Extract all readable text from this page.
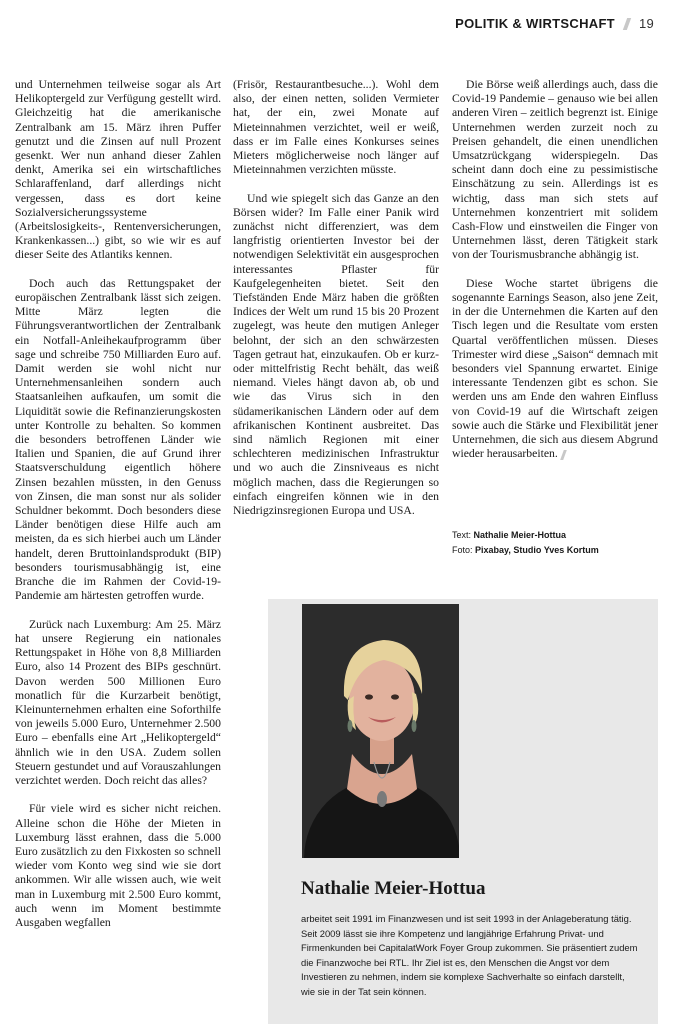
POLITIK & WIRTSCHAFT 19

und Unternehmen teilweise sogar als Art Helikoptergeld zur Verfügung gestellt wird. Gleichzeitig hat die amerikanische Zentralbank am 15. März ihren Puffer genutzt und die Zinsen auf null Prozent gesenkt. Wer nun anhand dieser Zahlen denkt, Amerika sei ein wirtschaftliches Schlaraffenland, darf allerdings nicht vergessen, dass es dort keine Sozialversicherungssysteme (Arbeitslosigkeits-, Rentenversicherungen, Krankenkassen...) gibt, so wie wir es auf dieser Seite des Atlantiks kennen.

Doch auch das Rettungspaket der europäischen Zentralbank lässt sich zeigen. Mitte März legten die Führungsverantwortlichen der Zentralbank ein Notfall-Anleihekaufprogramm über sage und schreibe 750 Milliarden Euro auf. Damit werden sie wohl nicht nur Unternehmensanleihen sondern auch Staatsanleihen aufkaufen, um somit die Liquidität sowie die Refinanzierungskosten unter Kontrolle zu behalten. So kommen die besonders betroffenen Länder wie Italien und Spanien, die auf Grund ihrer Staatsverschuldung eigentlich höhere Zinsen bezahlen müssten, in den Genuss von Zinsen, die man sonst nur als solider Schuldner bekommt. Doch besonders diese Länder benötigen diese Hilfe auch am meisten, da es sich hierbei auch um Länder handelt, deren Bruttoinlandsprodukt (BIP) besonders tourismusabhängig ist, eine Branche die im Rahmen der Covid-19-Pandemie am härtesten getroffen wurde.

Zurück nach Luxemburg: Am 25. März hat unsere Regierung ein nationales Rettungspaket in Höhe von 8,8 Milliarden Euro, also 14 Prozent des BIPs geschnürt. Davon werden 500 Millionen Euro monatlich für die Kurzarbeit benötigt, Kleinunternehmen erhalten eine Soforthilfe von jeweils 5.000 Euro, Unternehmer 2.500 Euro – ebenfalls eine Art „Helikoptergeld“ ähnlich wie in den USA. Zudem sollen Steuern gestundet und auf Vorauszahlungen verzichtet werden. Doch reicht das alles?

Für viele wird es sicher nicht reichen. Alleine schon die Höhe der Mieten in Luxemburg lässt erahnen, dass die 5.000 Euro zusätzlich zu den Fixkosten so schnell wieder vom Konto weg sind wie sie dort ankommen. Wir alle wissen auch, wie weit man in Luxemburg mit 2.500 Euro kommt, auch wenn im Moment bestimmte Ausgaben wegfallen

(Frisör, Restaurantbesuche...). Wohl dem also, der einen netten, soliden Vermieter hat, der ein, zwei Monate auf Mieteinnahmen verzichtet, weil er weiß, dass er im Falle eines Konkurses seines Mieters möglicherweise noch länger auf Mieteinnahmen verzichten müsste.

Und wie spiegelt sich das Ganze an den Börsen wider? Im Falle einer Panik wird zunächst nicht differenziert, was dem langfristig orientierten Investor bei der notwendigen Selektivität ein ausgesprochen interessantes Pflaster für Kaufgelegenheiten bietet. Seit den Tiefständen Ende März haben die größten Indices der Welt um rund 15 bis 20 Prozent zugelegt, was heute den mutigen Anleger belohnt, der sich an den schwärzesten Tagen getraut hat, einzukaufen. Ob er kurz- oder mittelfristig Recht behält, das weiß niemand. Vieles hängt davon ab, ob und wie das Virus sich in den südamerikanischen Ländern oder auf dem afrikanischen Kontinent ausbreitet. Das sind nämlich Regionen mit einer schlechteren medizinischen Infrastruktur und wo auch die Zinsniveaus es nicht möglich machen, dass die Regierungen so einfach eingreifen können wie in den Niedrigzinsregionen Europa und USA.

Die Börse weiß allerdings auch, dass die Covid-19 Pandemie – genauso wie bei allen anderen Viren – zeitlich begrenzt ist. Einige Unternehmen werden zurzeit noch zu Preisen gehandelt, die einen unendlichen Umsatzrückgang widerspiegeln. Das scheint dann doch eine zu pessimistische Einschätzung zu sein. Allerdings ist es wichtig, dass man sich stets auf Unternehmen konzentriert mit solidem Cash-Flow und einstweilen die Finger von Unternehmen lässt, deren Tätigkeit stark von der Tourismusbranche abhängig ist.

Diese Woche startet übrigens die sogenannte Earnings Season, also jene Zeit, in der die Unternehmen die Karten auf den Tisch legen und die Resultate vom ersten Quartal veröffentlichen müssen. Dieses Trimester wird diese „Saison“ demnach mit besonders viel Spannung erwartet. Einige interessante Tendenzen gibt es schon. Sie werden uns am Ende den wahren Einfluss von Covid-19 auf die Wirtschaft zeigen sowie auch die Stärke und Flexibilität jener Unternehmen, die sich aus diesem Abgrund wieder herausarbeiten.

Text: Nathalie Meier-Hottua
Foto: Pixabay, Studio Yves Kortum
Nathalie Meier-Hottua
arbeitet seit 1991 im Finanzwesen und ist seit 1993 in der Anlageberatung tätig. Seit 2009 lässt sie ihre Kompetenz und langjährige Erfahrung Privat- und Firmenkunden bei CapitalatWork Foyer Group zukommen. Sie präsentiert zudem die Finanzwoche bei RTL. Ihr Ziel ist es, den Menschen die Angst vor dem Investieren zu nehmen, indem sie komplexe Sachverhalte so einfach darstellt, wie sie in der Tat sein können.
